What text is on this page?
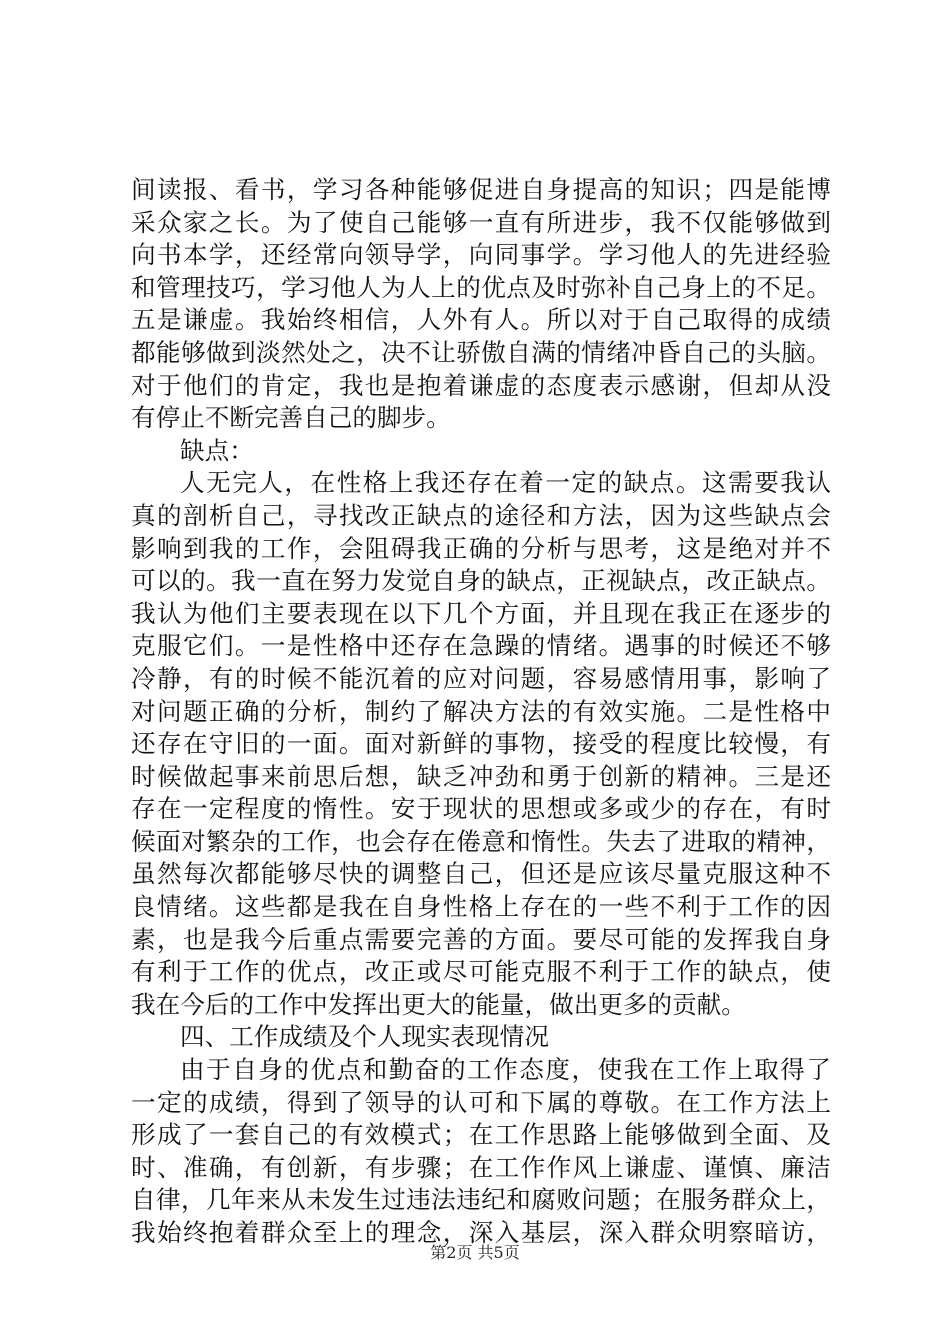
间读报、看书，学习各种能够促进自身提高的知识；四是能博
采众家之长。为了使自己能够一直有所进步，我不仅能够做到
向书本学，还经常向领导学，向同事学。学习他人的先进经验
和管理技巧，学习他人为人上的优点及时弥补自己身上的不足。
五是谦虚。我始终相信，人外有人。所以对于自己取得的成绩
都能够做到淡然处之，决不让骄傲自满的情绪冲昏自己的头脑。
对于他们的肯定，我也是抱着谦虚的态度表示感谢，但却从没
有停止不断完善自己的脚步。
缺点：
人无完人，在性格上我还存在着一定的缺点。这需要我认
真的剖析自己，寻找改正缺点的途径和方法，因为这些缺点会
影响到我的工作，会阻碍我正确的分析与思考，这是绝对并不
可以的。我一直在努力发觉自身的缺点，正视缺点，改正缺点。
我认为他们主要表现在以下几个方面，并且现在我正在逐步的
克服它们。一是性格中还存在急躁的情绪。遇事的时候还不够
冷静，有的时候不能沉着的应对问题，容易感情用事，影响了
对问题正确的分析，制约了解决方法的有效实施。二是性格中
还存在守旧的一面。面对新鲜的事物，接受的程度比较慢，有
时候做起事来前思后想，缺乏冲劲和勇于创新的精神。三是还
存在一定程度的惰性。安于现状的思想或多或少的存在，有时
候面对繁杂的工作，也会存在倦意和惰性。失去了进取的精神，
虽然每次都能够尽快的调整自己，但还是应该尽量克服这种不
良情绪。这些都是我在自身性格上存在的一些不利于工作的因
素，也是我今后重点需要完善的方面。要尽可能的发挥我自身
有利于工作的优点，改正或尽可能克服不利于工作的缺点，使
我在今后的工作中发挥出更大的能量，做出更多的贡献。
四、工作成绩及个人现实表现情况
由于自身的优点和勤奋的工作态度，使我在工作上取得了
一定的成绩，得到了领导的认可和下属的尊敬。在工作方法上
形成了一套自己的有效模式；在工作思路上能够做到全面、及
时、准确，有创新，有步骤；在工作作风上谦虚、谨慎、廉洁
自律，几年来从未发生过违法违纪和腐败问题；在服务群众上，
我始终抱着群众至上的理念，深入基层，深入群众明察暗访，
第2页 共5页
